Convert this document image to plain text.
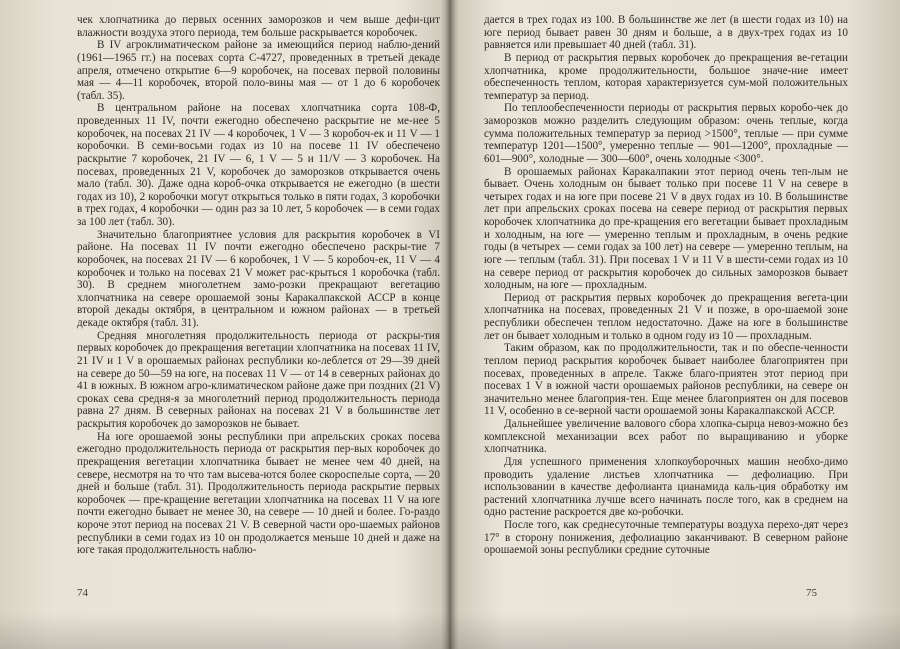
чек хлопчатника до первых осенних заморозков и чем выше дефи-цит влажности воздуха этого периода, тем больше раскрывается коробочек.

В IV агроклиматическом районе за имеющийся период наблю-дений (1961—1965 гг.) на посевах сорта С-4727, проведенных в третьей декаде апреля, отмечено открытие 6—9 коробочек, на посевах первой половины мая — 4—11 коробочек, второй поло-вины мая — от 1 до 6 коробочек (табл. 35).

В центральном районе на посевах хлопчатника сорта 108-Ф, проведенных 11 IV, почти ежегодно обеспечено раскрытие не ме-нее 5 коробочек, на посевах 21 IV — 4 коробочек, 1 V — 3 коробоч-ек и 11 V — 1 коробочки. В семи-восьми годах из 10 на посеве 11 IV обеспечено раскрытие 7 коробочек, 21 IV — 6, 1 V — 5 и 11/V — 3 коробочек. На посевах, проведенных 21 V, коробочек до заморозков открывается очень мало (табл. 30). Даже одна короб-очка открывается не ежегодно (в шести годах из 10), 2 коробочки могут открыться только в пяти годах, 3 коробочки в трех годах, 4 коробочки — один раз за 10 лет, 5 коробочек — в семи годах за 100 лет (табл. 30).

Значительно благоприятнее условия для раскрытия коробочек в VI районе. На посевах 11 IV почти ежегодно обеспечено раскры-тие 7 коробочек, на посевах 21 IV — 6 коробочек, 1 V — 5 коробоч-ек, 11 V — 4 коробочек и только на посевах 21 V может рас-крыться 1 коробочка (табл. 30). В среднем многолетнем замо-розки прекращают вегетацию хлопчатника на севере орошаемой зоны Каракалпакской АССР в конце второй декады октября, в центральном и южном районах — в третьей декаде октября (табл. 31).

Средняя многолетняя продолжительность периода от раскры-тия первых коробочек до прекращения вегетации хлопчатника на посевах 11 IV, 21 IV и 1 V в орошаемых районах республики ко-леблется от 29—39 дней на севере до 50—59 на юге, на посевах 11 V — от 14 в северных районах до 41 в южных. В южном агро-климатическом районе даже при поздних (21 V) сроках сева средня-я за многолетний период продолжительность периода равна 27 дням. В северных районах на посевах 21 V в большинстве лет раскрытия коробочек до заморозков не бывает.

На юге орошаемой зоны республики при апрельских сроках посева ежегодно продолжительность периода от раскрытия пер-вых коробочек до прекращения вегетации хлопчатника бывает не менее чем 40 дней, на севере, несмотря на то что там высева-ются более скороспелые сорта, — 20 дней и больше (табл. 31). Продолжительность периода раскрытие первых коробочек — пре-кращение вегетации хлопчатника на посевах 11 V на юге почти ежегодно бывает не менее 30, на севере — 10 дней и более. Го-раздо короче этот период на посевах 21 V. В северной части оро-шаемых районов республики в семи годах из 10 он продолжается меньше 10 дней и даже на юге такая продолжительность наблю-

74

дается в трех годах из 100. В большинстве же лет (в шести годах из 10) на юге период бывает равен 30 дням и больше, а в двух-трех годах из 10 равняется или превышает 40 дней (табл. 31).

В период от раскрытия первых коробочек до прекращения ве-гетации хлопчатника, кроме продолжительности, большое значе-ние имеет обеспеченность теплом, которая характеризуется сум-мой положительных температур за период.

По теплообеспеченности периоды от раскрытия первых коробо-чек до заморозков можно разделить следующим образом: очень теплые, когда сумма положительных температур за период >1500°, теплые — при сумме температур 1201—1500°, умеренно теплые — 901—1200°, прохладные — 601—900°, холодные — 300—600°, очень холодные <300°.

В орошаемых районах Каракалпакии этот период очень теп-лым не бывает. Очень холодным он бывает только при посеве 11 V на севере в четырех годах и на юге при посеве 21 V в двух годах из 10. В большинстве лет при апрельских сроках посева на севере период от раскрытия первых коробочек хлопчатника до пре-кращения его вегетации бывает прохладным и холодным, на юге — умеренно теплым и прохладным, в очень редкие годы (в четырех — семи годах за 100 лет) на севере — умеренно теплым, на юге — теплым (табл. 31). При посевах 1 V и 11 V в шести-семи годах из 10 на севере период от раскрытия коробочек до сильных заморозков бывает холодным, на юге — прохладным.

Период от раскрытия первых коробочек до прекращения вегета-ции хлопчатника на посевах, проведенных 21 V и позже, в оро-шаемой зоне республики обеспечен теплом недостаточно. Даже на юге в большинстве лет он бывает холодным и только в одном году из 10 — прохладным.

Таким образом, как по продолжительности, так и по обеспе-ченности теплом период раскрытия коробочек бывает наиболее благоприятен при посевах, проведенных в апреле. Также благо-приятен этот период при посевах 1 V в южной части орошаемых районов республики, на севере он значительно менее благоприя-тен. Еще менее благоприятен он для посевов 11 V, особенно в се-верной части орошаемой зоны Каракалпакской АССР.

Дальнейшее увеличение валового сбора хлопка-сырца невоз-можно без комплексной механизации всех работ по выращиванию и уборке хлопчатника.

Для успешного применения хлопкоуборочных машин необхо-димо проводить удаление листьев хлопчатника — дефолиацию. При использовании в качестве дефолианта цианамида каль-ция обработку им растений хлопчатника лучше всего начинать после того, как в среднем на одно растение раскроется две ко-робочки.

После того, как среднесуточные температуры воздуха перехо-дят через 17° в сторону понижения, дефолиацию заканчивают. В северном районе орошаемой зоны республики средние суточные

75
